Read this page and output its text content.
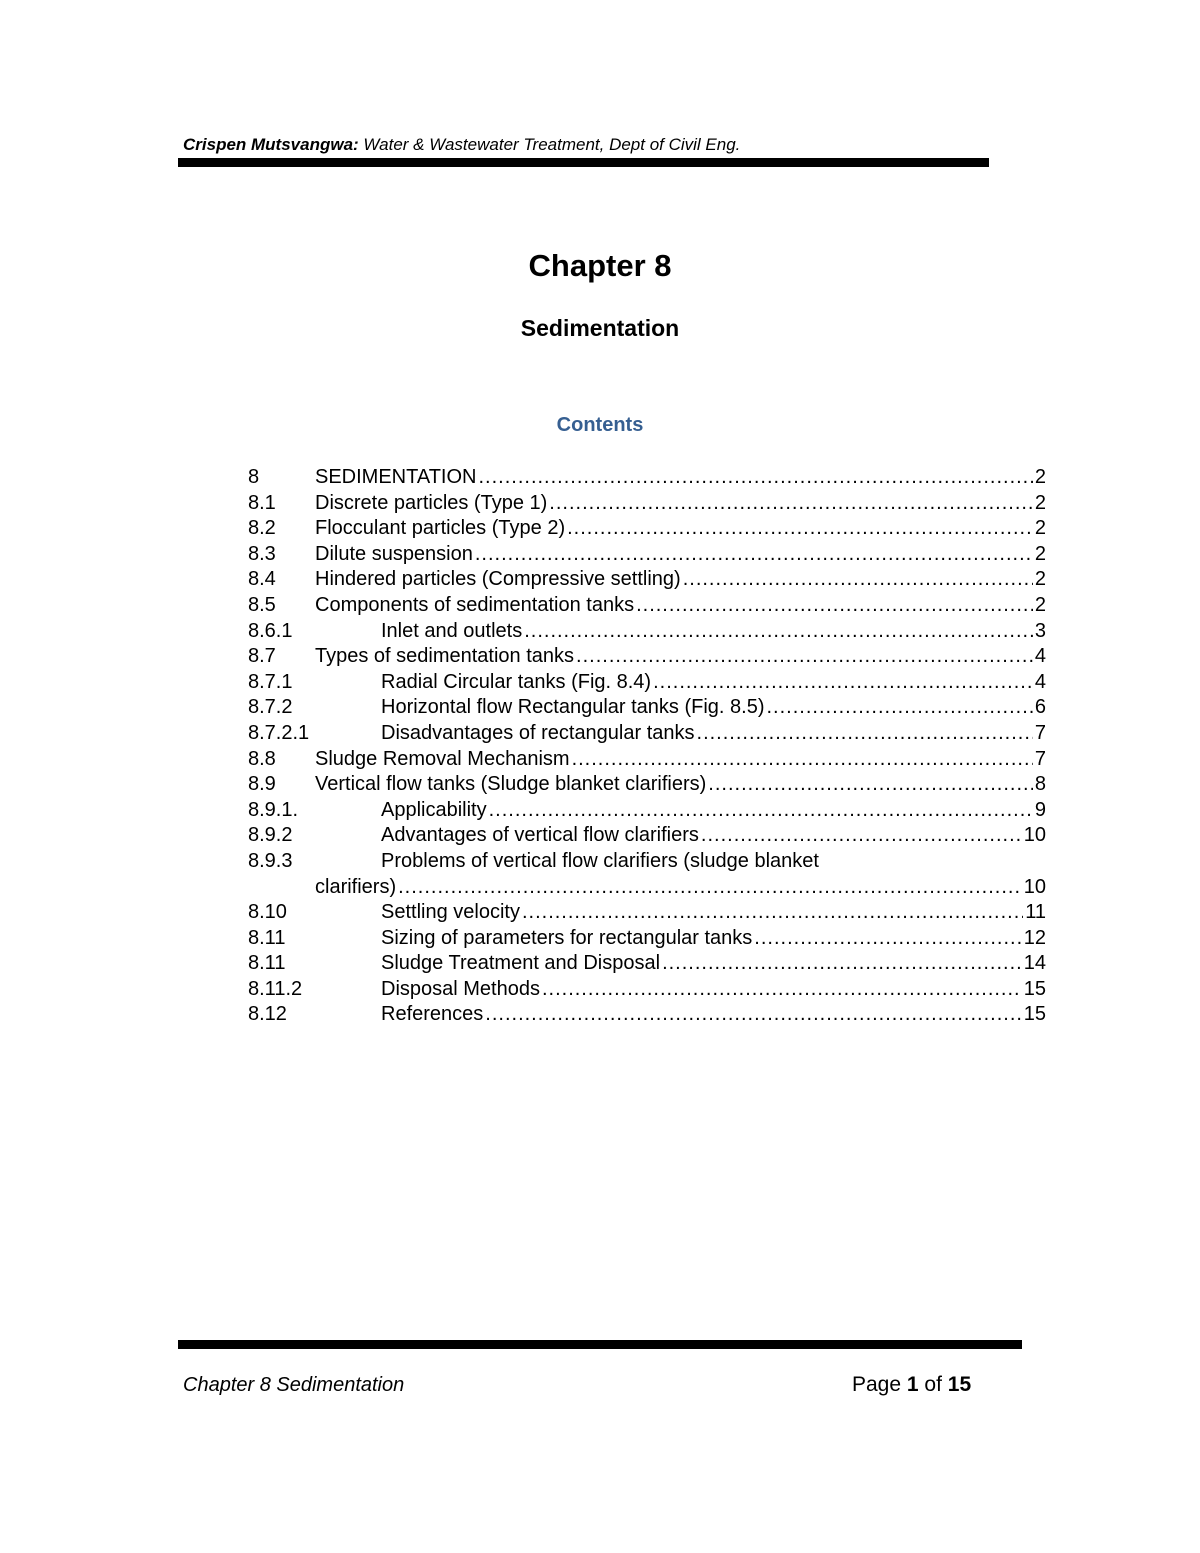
Crispen Mutsvangwa: Water & Wastewater Treatment, Dept of Civil Eng.
Chapter 8
Sedimentation
Contents
8	SEDIMENTATION .....	2
8.1 Discrete particles (Type 1) .....	2
8.2 Flocculant particles (Type 2) .....	2
8.3 Dilute suspension .....	2
8.4 Hindered particles (Compressive settling) .....	2
8.5 Components of sedimentation tanks .....	2
8.6.1	Inlet and outlets .....	3
8.7 Types of sedimentation tanks .....	4
8.7.1	Radial Circular tanks (Fig. 8.4) .....	4
8.7.2	Horizontal flow Rectangular tanks (Fig. 8.5) .....	6
8.7.2.1	Disadvantages of rectangular tanks .....	7
8.8 Sludge Removal Mechanism .....	7
8.9 Vertical flow tanks (Sludge blanket clarifiers) .....	8
8.9.1.	Applicability .....	9
8.9.2	Advantages of vertical flow clarifiers .....	10
8.9.3	Problems of vertical flow clarifiers (sludge blanket
clarifiers) .....	10
8.10	Settling velocity .....	11
8.11	Sizing of parameters for rectangular tanks .....	12
8.11	Sludge Treatment and Disposal .....	14
8.11.2	Disposal Methods .....	15
8.12	References .....	15
Chapter 8 Sedimentation	Page 1 of 15
